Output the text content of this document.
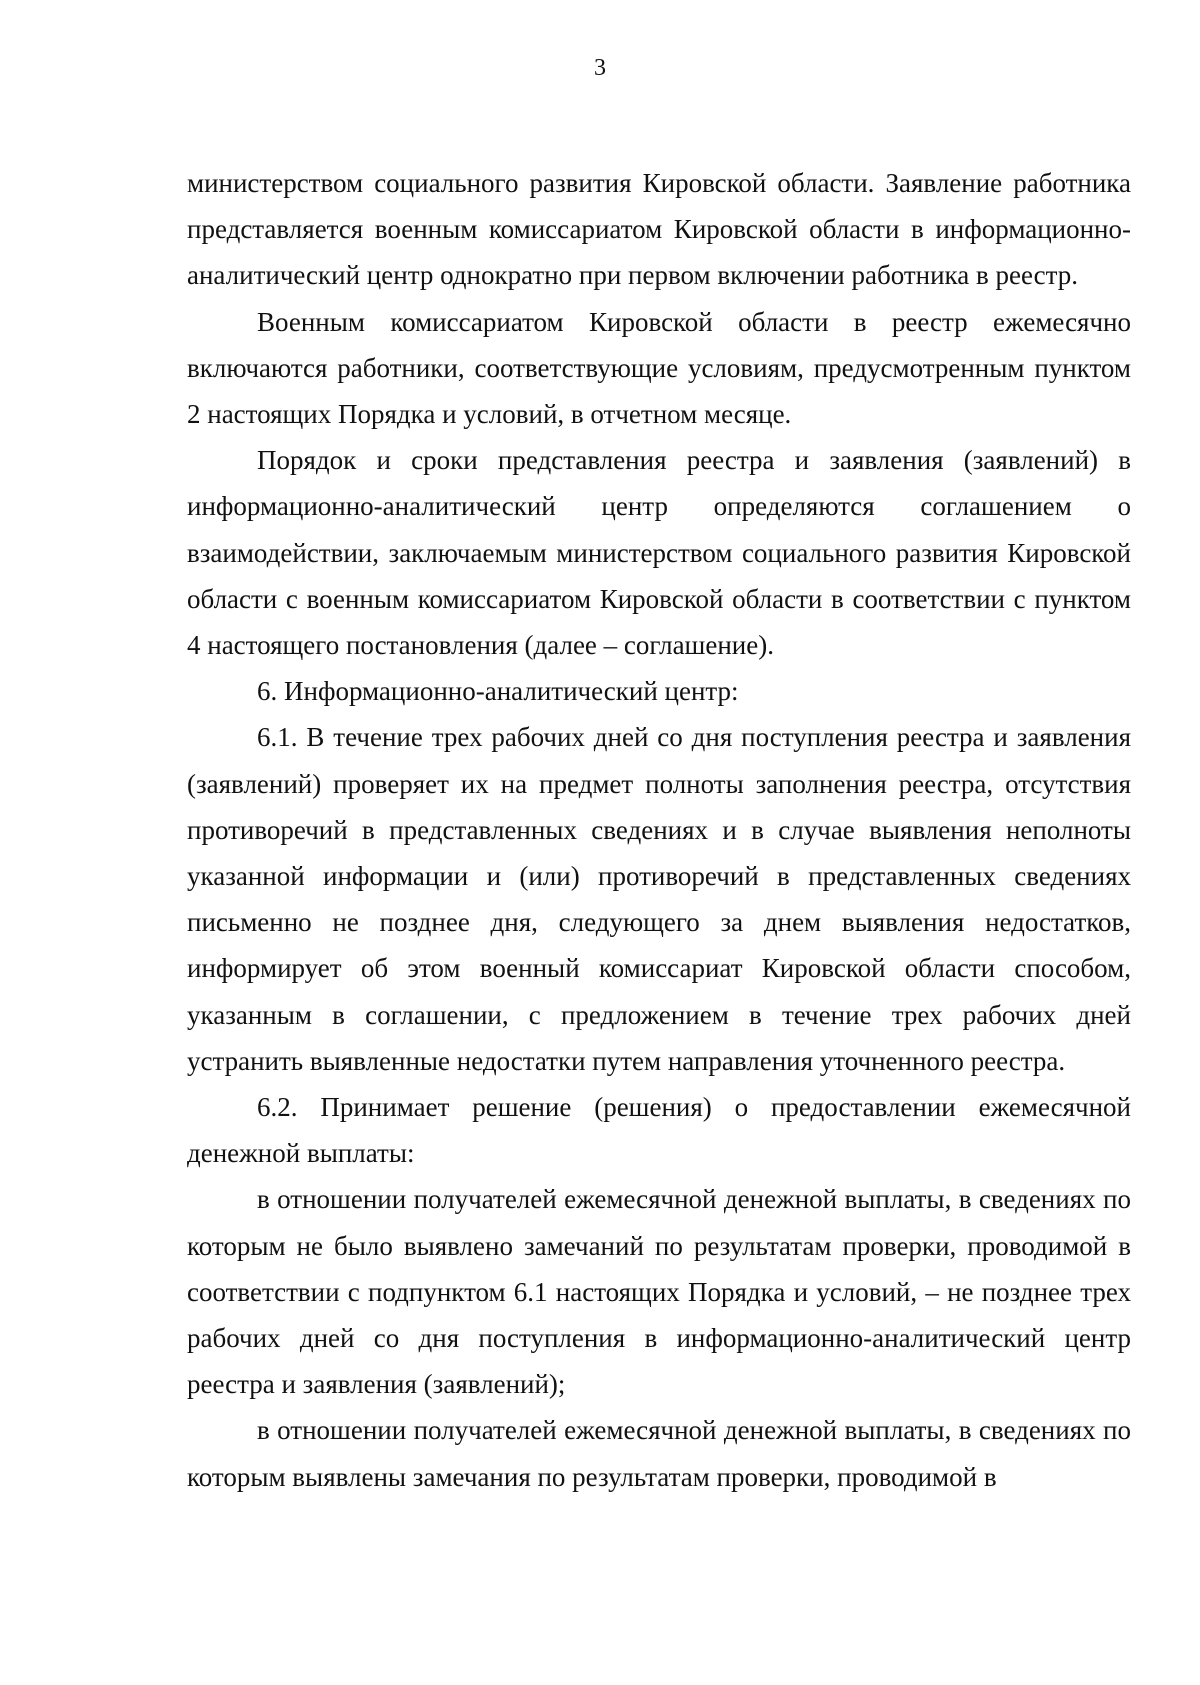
3

министерством социального развития Кировской области. Заявление работника представляется военным комиссариатом Кировской области в информационно-аналитический центр однократно при первом включении работника в реестр.

Военным комиссариатом Кировской области в реестр ежемесячно включаются работники, соответствующие условиям, предусмотренным пунктом 2 настоящих Порядка и условий, в отчетном месяце.

Порядок и сроки представления реестра и заявления (заявлений) в информационно-аналитический центр определяются соглашением о взаимодействии, заключаемым министерством социального развития Кировской области с военным комиссариатом Кировской области в соответствии с пунктом 4 настоящего постановления (далее – соглашение).

6. Информационно-аналитический центр:

6.1. В течение трех рабочих дней со дня поступления реестра и заявления (заявлений) проверяет их на предмет полноты заполнения реестра, отсутствия противоречий в представленных сведениях и в случае выявления неполноты указанной информации и (или) противоречий в представленных сведениях письменно не позднее дня, следующего за днем выявления недостатков, информирует об этом военный комиссариат Кировской области способом, указанным в соглашении, с предложением в течение трех рабочих дней устранить выявленные недостатки путем направления уточненного реестра.

6.2. Принимает решение (решения) о предоставлении ежемесячной денежной выплаты:

в отношении получателей ежемесячной денежной выплаты, в сведениях по которым не было выявлено замечаний по результатам проверки, проводимой в соответствии с подпунктом 6.1 настоящих Порядка и условий, – не позднее трех рабочих дней со дня поступления в информационно-аналитический центр реестра и заявления (заявлений);

в отношении получателей ежемесячной денежной выплаты, в сведениях по которым выявлены замечания по результатам проверки, проводимой в
